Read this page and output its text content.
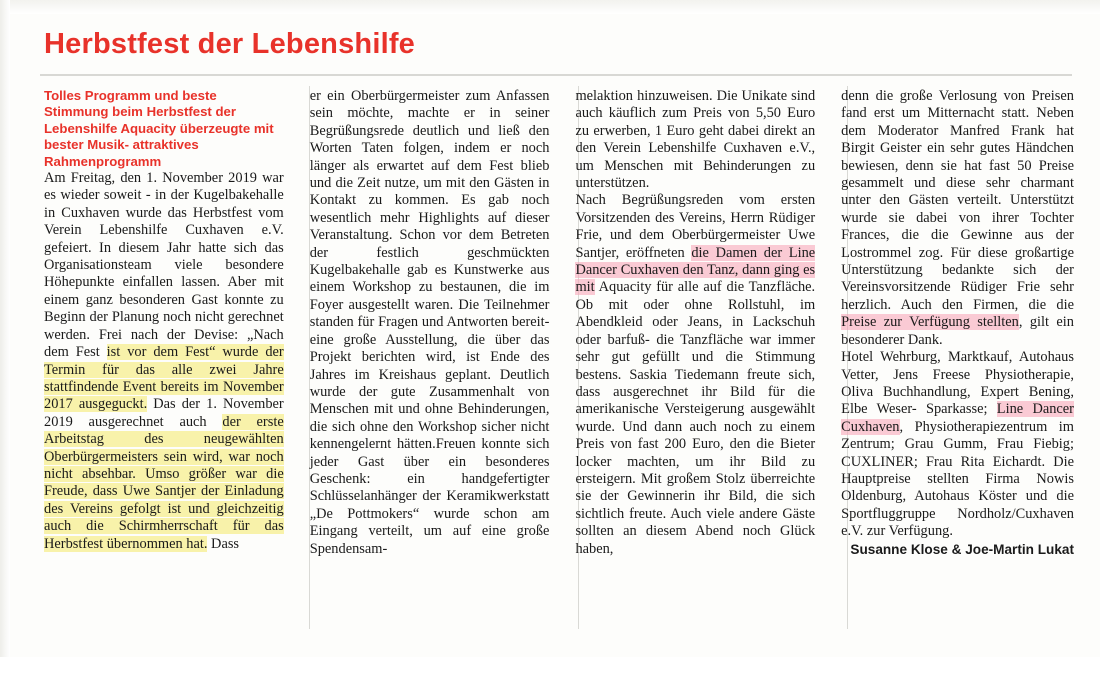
Herbstfest der Lebenshilfe

Tolles Programm und beste Stimmung beim Herbstfest der Lebenshilfe Aquacity überzeugte mit bester Musik- attraktives Rahmenprogramm

Am Freitag, den 1. November 2019 war es wieder soweit - in der Kugelbakehalle in Cuxhaven wurde das Herbstfest vom Verein Lebenshilfe Cuxhaven e.V. gefeiert. In diesem Jahr hatte sich das Organisationsteam viele besondere Höhepunkte einfallen lassen. Aber mit einem ganz besonderen Gast konnte zu Beginn der Planung noch nicht gerechnet werden. Frei nach der Devise: „Nach dem Fest ist vor dem Fest“ wurde der Termin für das alle zwei Jahre stattfindende Event bereits im November 2017 ausgeguckt. Das der 1. November 2019 ausgerechnet auch der erste Arbeitstag des neugewählten Oberbürgermeisters sein wird, war noch nicht absehbar. Umso größer war die Freude, dass Uwe Santjer der Einladung des Vereins gefolgt ist und gleichzeitig auch die Schirmherrschaft für das Herbstfest übernommen hat. Dass

er ein Oberbürgermeister zum Anfassen sein möchte, machte er in seiner Begrüßungsrede deutlich und ließ den Worten Taten folgen, indem er noch länger als erwartet auf dem Fest blieb und die Zeit nutze, um mit den Gästen in Kontakt zu kommen. Es gab noch wesentlich mehr Highlights auf dieser Veranstaltung. Schon vor dem Betreten der festlich geschmückten Kugelbakehalle gab es Kunstwerke aus einem Workshop zu bestaunen, die im Foyer ausgestellt waren. Die Teilnehmer standen für Fragen und Antworten bereit- eine große Ausstellung, die über das Projekt berichten wird, ist Ende des Jahres im Kreishaus geplant. Deutlich wurde der gute Zusammenhalt von Menschen mit und ohne Behinderungen, die sich ohne den Workshop sicher nicht kennengelernt hätten.Freuen konnte sich jeder Gast über ein besonderes Geschenk: ein handgefertigter Schlüsselanhänger der Keramikwerkstatt „De Pottmokers“ wurde schon am Eingang verteilt, um auf eine große Spendensam-

melaktion hinzuweisen. Die Unikate sind auch käuflich zum Preis von 5,50 Euro zu erwerben, 1 Euro geht dabei direkt an den Verein Lebenshilfe Cuxhaven e.V., um Menschen mit Behinderungen zu unterstützen.
Nach Begrüßungsreden vom ersten Vorsitzenden des Vereins, Herrn Rüdiger Frie, und dem Oberbürgermeister Uwe Santjer, eröffneten die Damen der Line Dancer Cuxhaven den Tanz, dann ging es mit Aquacity für alle auf die Tanzfläche. Ob mit oder ohne Rollstuhl, im Abendkleid oder Jeans, in Lackschuh oder barfuß- die Tanzfläche war immer sehr gut gefüllt und die Stimmung bestens. Saskia Tiedemann freute sich, dass ausgerechnet ihr Bild für die amerikanische Versteigerung ausgewählt wurde. Und dann auch noch zu einem Preis von fast 200 Euro, den die Bieter locker machten, um ihr Bild zu ersteigern. Mit großem Stolz überreichte sie der Gewinnerin ihr Bild, die sich sichtlich freute. Auch viele andere Gäste sollten an diesem Abend noch Glück haben,

denn die große Verlosung von Preisen fand erst um Mitternacht statt. Neben dem Moderator Manfred Frank hat Birgit Geister ein sehr gutes Händchen bewiesen, denn sie hat fast 50 Preise gesammelt und diese sehr charmant unter den Gästen verteilt. Unterstützt wurde sie dabei von ihrer Tochter Frances, die die Gewinne aus der Lostrommel zog. Für diese großartige Unterstützung bedankte sich der Vereinsvorsitzende Rüdiger Frie sehr herzlich. Auch den Firmen, die die Preise zur Verfügung stellten, gilt ein besonderer Dank.
Hotel Wehrburg, Marktkauf, Autohaus Vetter, Jens Freese Physiotherapie, Oliva Buchhandlung, Expert Bening, Elbe Weser- Sparkasse; Line Dancer Cuxhaven, Physiotherapiezentrum im Zentrum; Grau Gumm, Frau Fiebig; CUXLINER; Frau Rita Eichardt. Die Hauptpreise stellten Firma Nowis Oldenburg, Autohaus Köster und die Sportfluggruppe Nordholz/Cuxhaven e.V. zur Verfügung.

Susanne Klose & Joe-Martin Lukat
